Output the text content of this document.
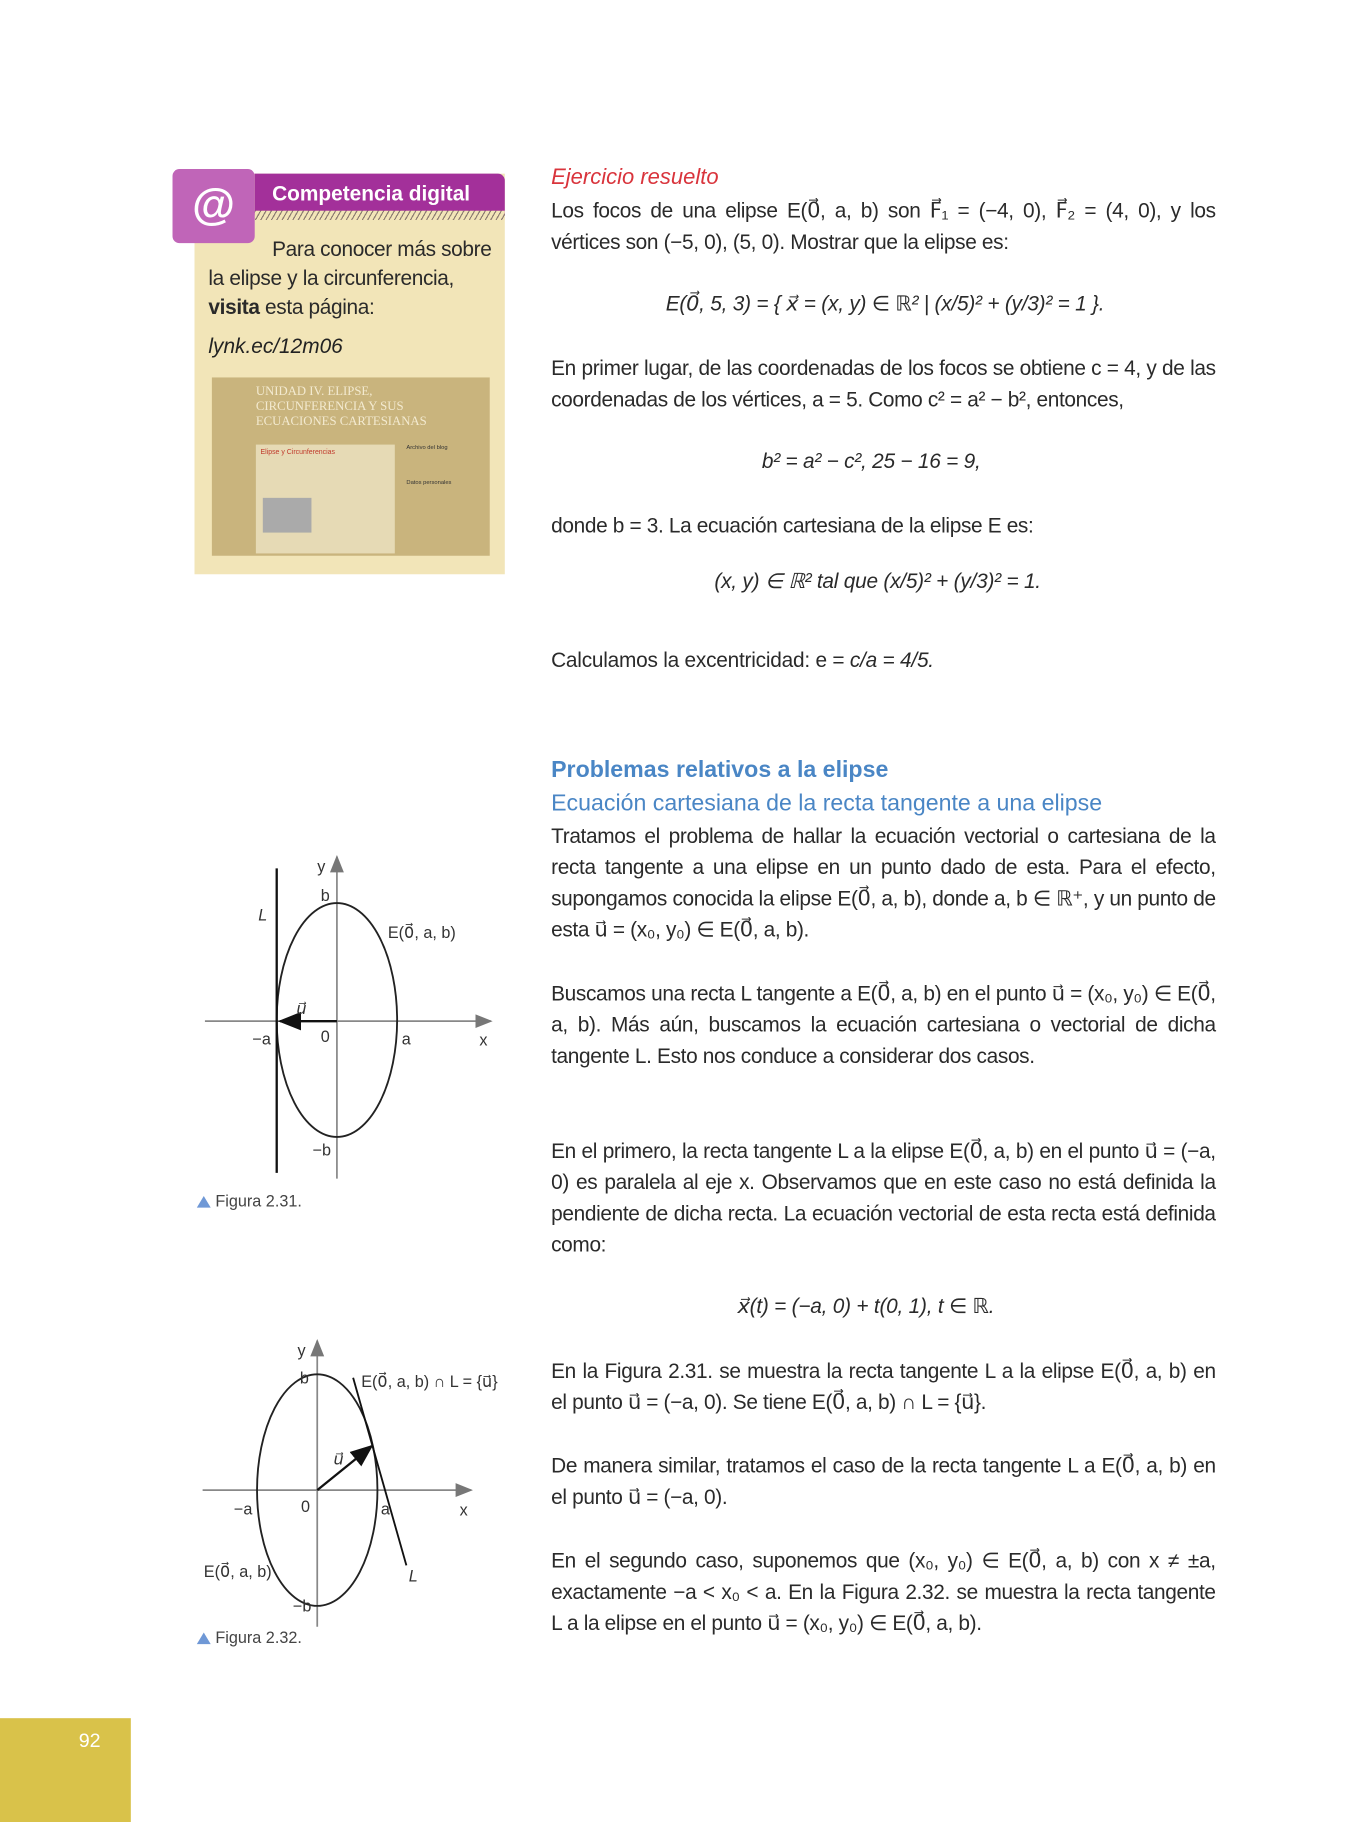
@	Competencia digital
Para conocer más sobre la elipse y la circunferencia, visita esta página:
lynk.ec/12m06
UNIDAD IV. ELIPSE, CIRCUNFERENCIA Y SUS ECUACIONES CARTESIANAS
Elipse y Circunferencias
Archivo del blog
Datos personales
Ejercicio resuelto
Los focos de una elipse E(0⃗, a, b) son F⃗₁ = (−4, 0), F⃗₂ = (4, 0), y los vértices son (−5, 0), (5, 0). Mostrar que la elipse es:
E(0⃗, 5, 3) = { x⃗ = (x, y) ∈ ℝ² | (x/5)² + (y/3)² = 1 }.
En primer lugar, de las coordenadas de los focos se obtiene c = 4, y de las coordenadas de los vértices, a = 5. Como c² = a² − b², entonces,
b² = a² − c², 25 − 16 = 9,
donde b = 3. La ecuación cartesiana de la elipse E es:
(x, y) ∈ ℝ² tal que (x/5)² + (y/3)² = 1.
Calculamos la excentricidad: e = c/a = 4/5.
Problemas relativos a la elipse
Ecuación cartesiana de la recta tangente a una elipse
Tratamos el problema de hallar la ecuación vectorial o cartesiana de la recta tangente a una elipse en un punto dado de esta. Para el efecto, supongamos conocida la elipse E(0⃗, a, b), donde a, b ∈ ℝ⁺, y un punto de esta u⃗ = (x₀, y₀) ∈ E(0⃗, a, b).
Buscamos una recta L tangente a E(0⃗, a, b) en el punto u⃗ = (x₀, y₀) ∈ E(0⃗, a, b). Más aún, buscamos la ecuación cartesiana o vectorial de dicha tangente L. Esto nos conduce a considerar dos casos.
En el primero, la recta tangente L a la elipse E(0⃗, a, b) en el punto u⃗ = (−a, 0) es paralela al eje x. Observamos que en este caso no está definida la pendiente de dicha recta. La ecuación vectorial de esta recta está definida como:
x⃗(t) = (−a, 0) + t(0, 1), t ∈ ℝ.
En la Figura 2.31. se muestra la recta tangente L a la elipse E(0⃗, a, b) en el punto u⃗ = (−a, 0). Se tiene E(0⃗, a, b) ∩ L = {u⃗}.
De manera similar, tratamos el caso de la recta tangente L a E(0⃗, a, b) en el punto u⃗ = (−a, 0).
En el segundo caso, suponemos que (x₀, y₀) ∈ E(0⃗, a, b) con x ≠ ±a, exactamente −a < x₀ < a. En la Figura 2.32. se muestra la recta tangente L a la elipse en el punto u⃗ = (x₀, y₀) ∈ E(0⃗, a, b).
y
b
L
E(0⃗, a, b)
u⃗
−a	0	a	x
−b
y
b	E(0⃗, a, b) ∩ L = {u⃗}
u⃗
−a	0	a	x
E(0⃗, a, b)	L
−b
Figura 2.31.
Figura 2.32.
92
